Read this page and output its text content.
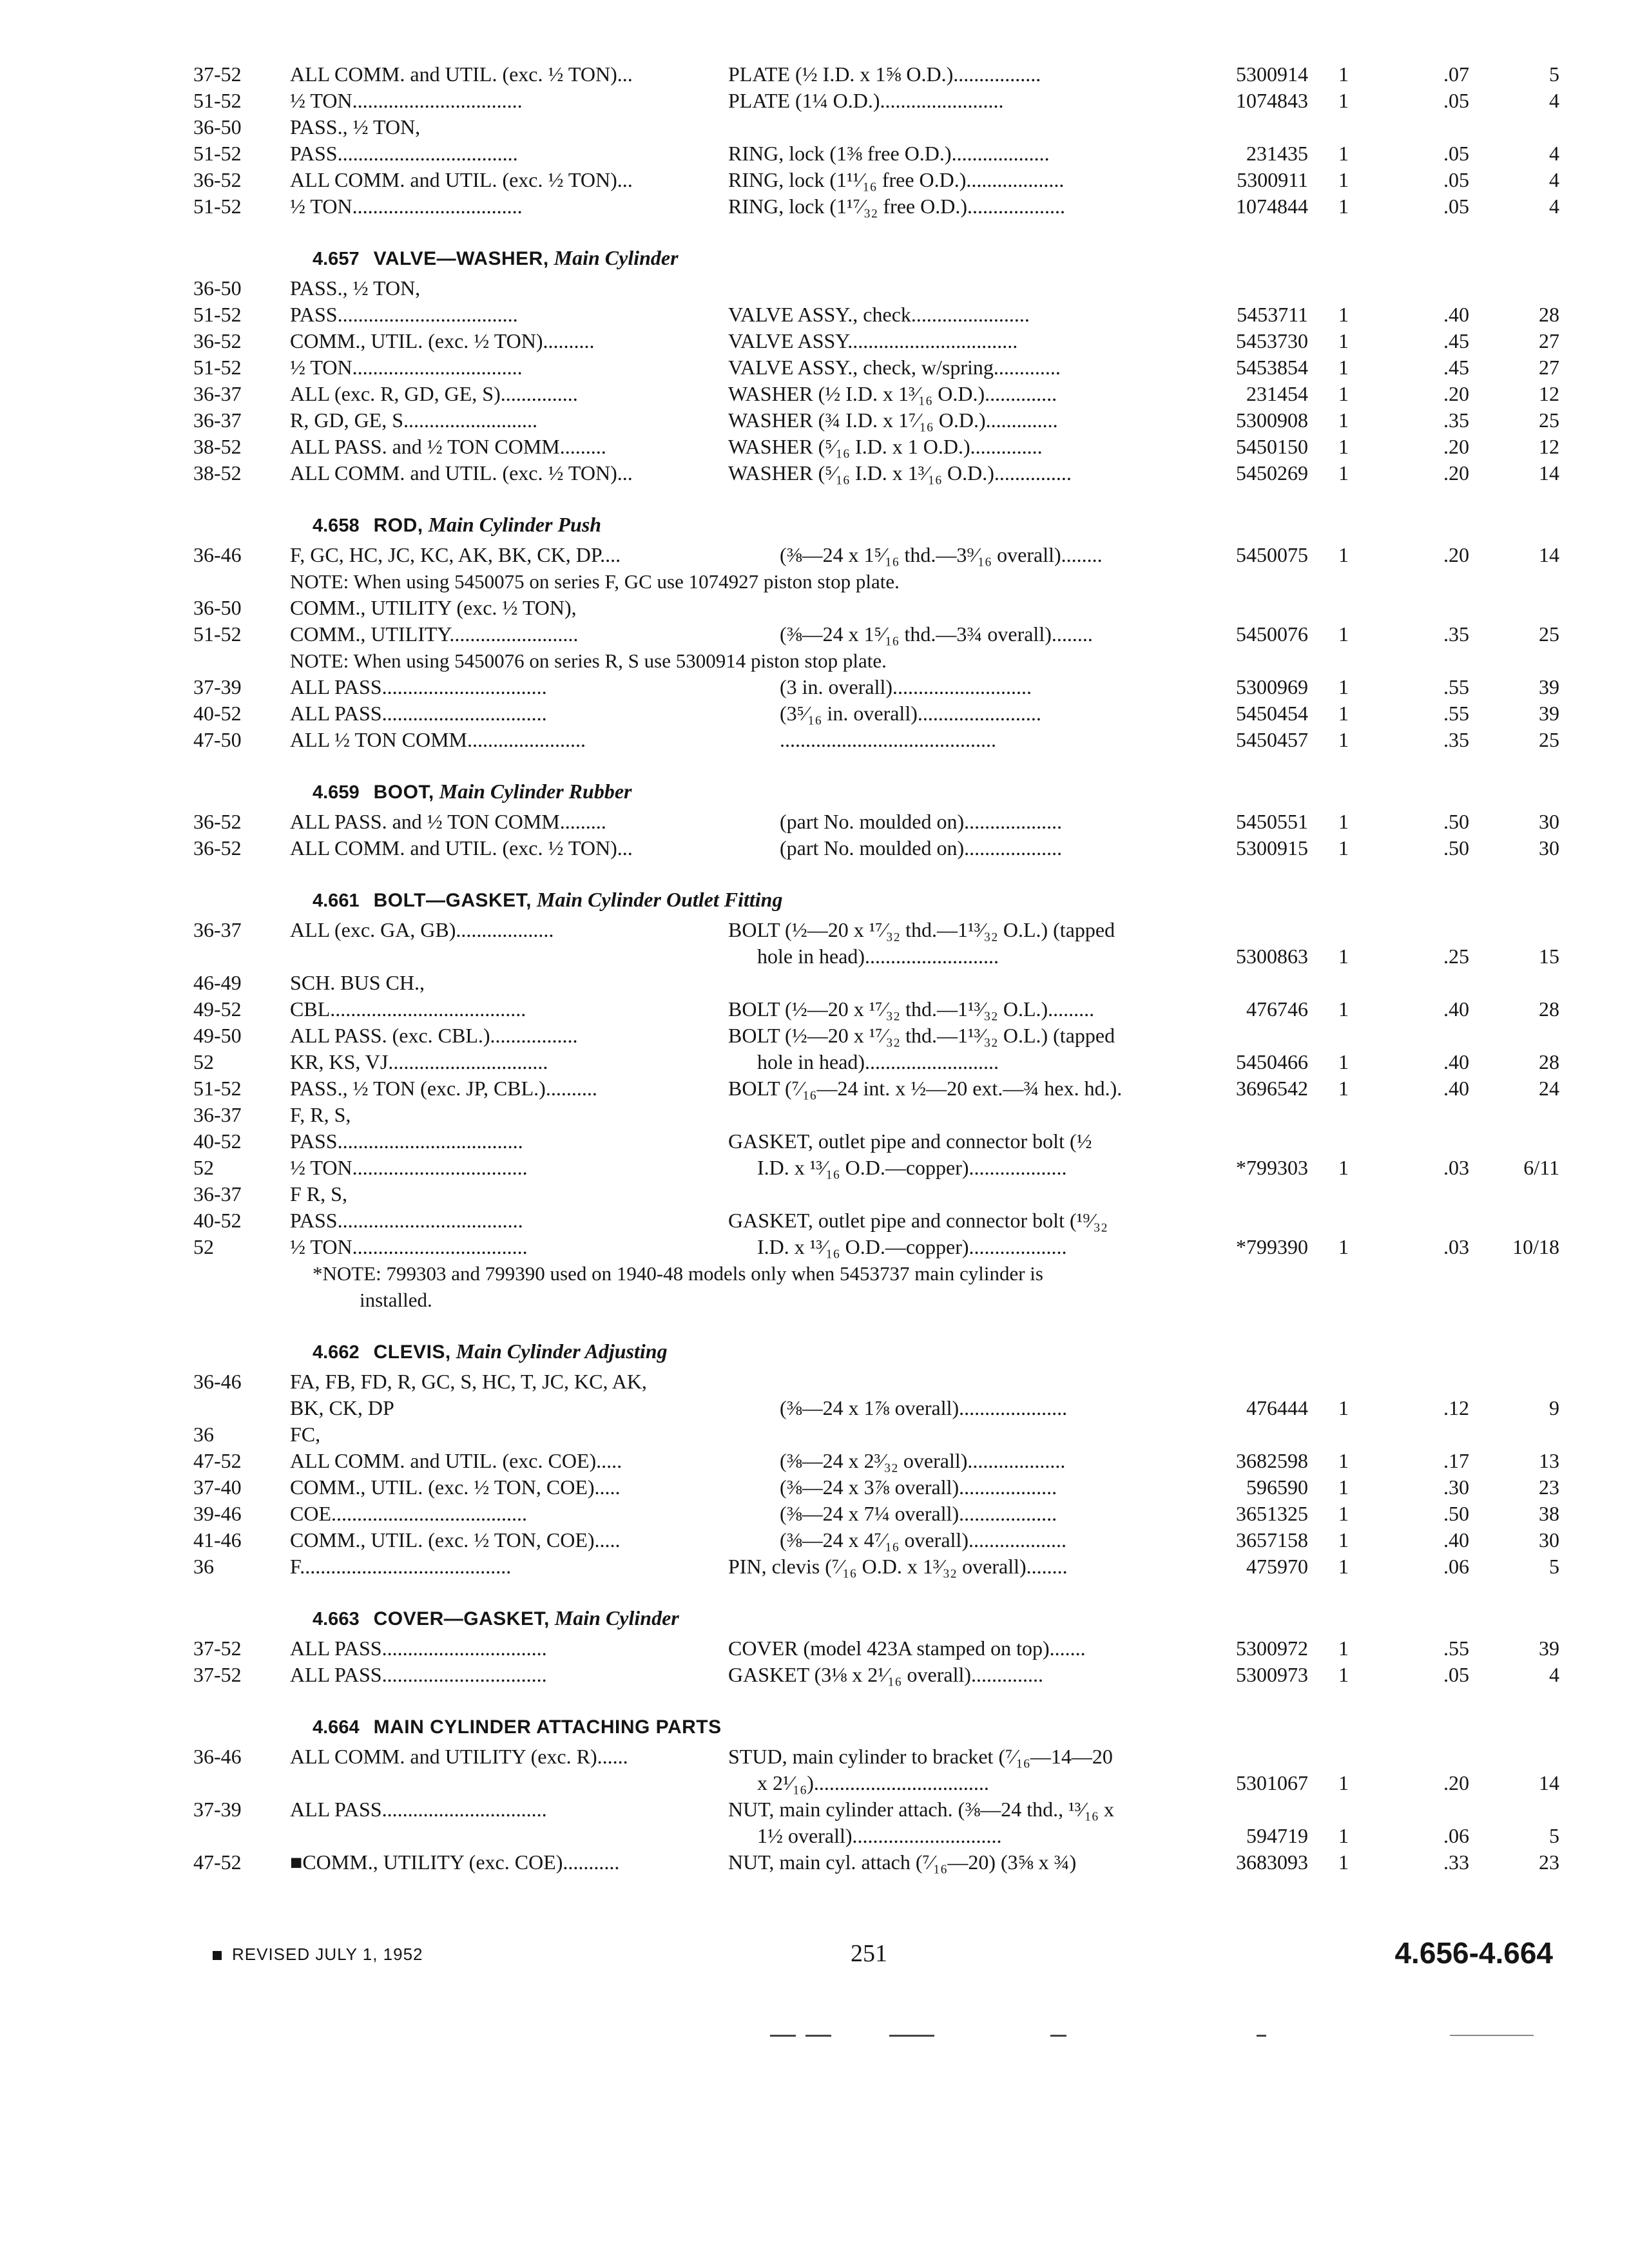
37-52	ALL COMM. and UTIL. (exc. ½ TON)...	PLATE (½ I.D. x 1⅝ O.D.).................	5300914	1	.07	5
51-52	½ TON.................................	PLATE (1¼ O.D.)........................	1074843	1	.05	4
36-50	PASS., ½ TON,
51-52	PASS...................................	RING, lock (1⅜ free O.D.)...................	231435	1	.05	4
36-52	ALL COMM. and UTIL. (exc. ½ TON)...	RING, lock (1¹¹⁄₁₆ free O.D.)...................	5300911	1	.05	4
51-52	½ TON.................................	RING, lock (1¹⁷⁄₃₂ free O.D.)...................	1074844	1	.05	4
4.657 VALVE—WASHER, Main Cylinder
36-50	PASS., ½ TON,
51-52	PASS...................................	VALVE ASSY., check.......................	5453711	1	.40	28
36-52	COMM., UTIL. (exc. ½ TON)..........	VALVE ASSY.................................	5453730	1	.45	27
51-52	½ TON.................................	VALVE ASSY., check, w/spring.............	5453854	1	.45	27
36-37	ALL (exc. R, GD, GE, S)...............	WASHER (½ I.D. x 1³⁄₁₆ O.D.)..............	231454	1	.20	12
36-37	R, GD, GE, S..........................	WASHER (¾ I.D. x 1⁷⁄₁₆ O.D.)..............	5300908	1	.35	25
38-52	ALL PASS. and ½ TON COMM.........	WASHER (⁵⁄₁₆ I.D. x 1 O.D.)..............	5450150	1	.20	12
38-52	ALL COMM. and UTIL. (exc. ½ TON)...	WASHER (⁵⁄₁₆ I.D. x 1³⁄₁₆ O.D.)...............	5450269	1	.20	14
4.658 ROD, Main Cylinder Push
36-46	F, GC, HC, JC, KC, AK, BK, CK, DP....	(⅜—24 x 1⁵⁄₁₆ thd.—3⁹⁄₁₆ overall)........	5450075	1	.20	14
NOTE: When using 5450075 on series F, GC use 1074927 piston stop plate.
36-50	COMM., UTILITY (exc. ½ TON),
51-52	COMM., UTILITY.........................	(⅜—24 x 1⁵⁄₁₆ thd.—3¾ overall)........	5450076	1	.35	25
NOTE: When using 5450076 on series R, S use 5300914 piston stop plate.
37-39	ALL PASS................................	(3 in. overall)...........................	5300969	1	.55	39
40-52	ALL PASS................................	(3⁵⁄₁₆ in. overall)........................	5450454	1	.55	39
47-50	ALL ½ TON COMM.......................	..........................................	5450457	1	.35	25
4.659 BOOT, Main Cylinder Rubber
36-52	ALL PASS. and ½ TON COMM.........	(part No. moulded on)...................	5450551	1	.50	30
36-52	ALL COMM. and UTIL. (exc. ½ TON)...	(part No. moulded on)...................	5300915	1	.50	30
4.661 BOLT—GASKET, Main Cylinder Outlet Fitting
36-37	ALL (exc. GA, GB)...................	BOLT (½—20 x ¹⁷⁄₃₂ thd.—1¹³⁄₃₂ O.L.) (tapped
hole in head)..........................	5300863	1	.25	15
46-49	SCH. BUS CH.,
49-52	CBL......................................	BOLT (½—20 x ¹⁷⁄₃₂ thd.—1¹³⁄₃₂ O.L.).........	476746	1	.40	28
49-50	ALL PASS. (exc. CBL.).................	BOLT (½—20 x ¹⁷⁄₃₂ thd.—1¹³⁄₃₂ O.L.) (tapped
52	KR, KS, VJ...............................	hole in head)..........................	5450466	1	.40	28
51-52	PASS., ½ TON (exc. JP, CBL.)..........	BOLT (⁷⁄₁₆—24 int. x ½—20 ext.—¾ hex. hd.).	3696542	1	.40	24
36-37	F, R, S,
40-52	PASS....................................	GASKET, outlet pipe and connector bolt (½
52	½ TON..................................	I.D. x ¹³⁄₁₆ O.D.—copper)...................	*799303	1	.03	6/11
36-37	F R, S,
40-52	PASS....................................	GASKET, outlet pipe and connector bolt (¹⁹⁄₃₂
52	½ TON..................................	I.D. x ¹³⁄₁₆ O.D.—copper)...................	*799390	1	.03	10/18
*NOTE: 799303 and 799390 used on 1940-48 models only when 5453737 main cylinder is
installed.
4.662 CLEVIS, Main Cylinder Adjusting
36-46	FA, FB, FD, R, GC, S, HC, T, JC, KC, AK,
BK, CK, DP	(⅜—24 x 1⅞ overall).....................	476444	1	.12	9
36	FC,
47-52	ALL COMM. and UTIL. (exc. COE).....	(⅜—24 x 2³⁄₃₂ overall)...................	3682598	1	.17	13
37-40	COMM., UTIL. (exc. ½ TON, COE).....	(⅜—24 x 3⅞ overall)...................	596590	1	.30	23
39-46	COE......................................	(⅜—24 x 7¼ overall)...................	3651325	1	.50	38
41-46	COMM., UTIL. (exc. ½ TON, COE).....	(⅜—24 x 4⁷⁄₁₆ overall)...................	3657158	1	.40	30
36	F.........................................	PIN, clevis (⁷⁄₁₆ O.D. x 1³⁄₃₂ overall)........	475970	1	.06	5
4.663 COVER—GASKET, Main Cylinder
37-52	ALL PASS................................	COVER (model 423A stamped on top).......	5300972	1	.55	39
37-52	ALL PASS................................	GASKET (3⅛ x 2¹⁄₁₆ overall)..............	5300973	1	.05	4
4.664 MAIN CYLINDER ATTACHING PARTS
36-46	ALL COMM. and UTILITY (exc. R)......	STUD, main cylinder to bracket (⁷⁄₁₆—14—20
x 2¹⁄₁₆)..................................	5301067	1	.20	14
37-39	ALL PASS................................	NUT, main cylinder attach. (⅜—24 thd., ¹³⁄₁₆ x
1½ overall).............................	594719	1	.06	5
47-52	■COMM., UTILITY (exc. COE)...........	NUT, main cyl. attach (⁷⁄₁₆—20) (3⅝ x ¾)	3683093	1	.33	23
REVISED JULY 1, 1952	251	4.656-4.664
